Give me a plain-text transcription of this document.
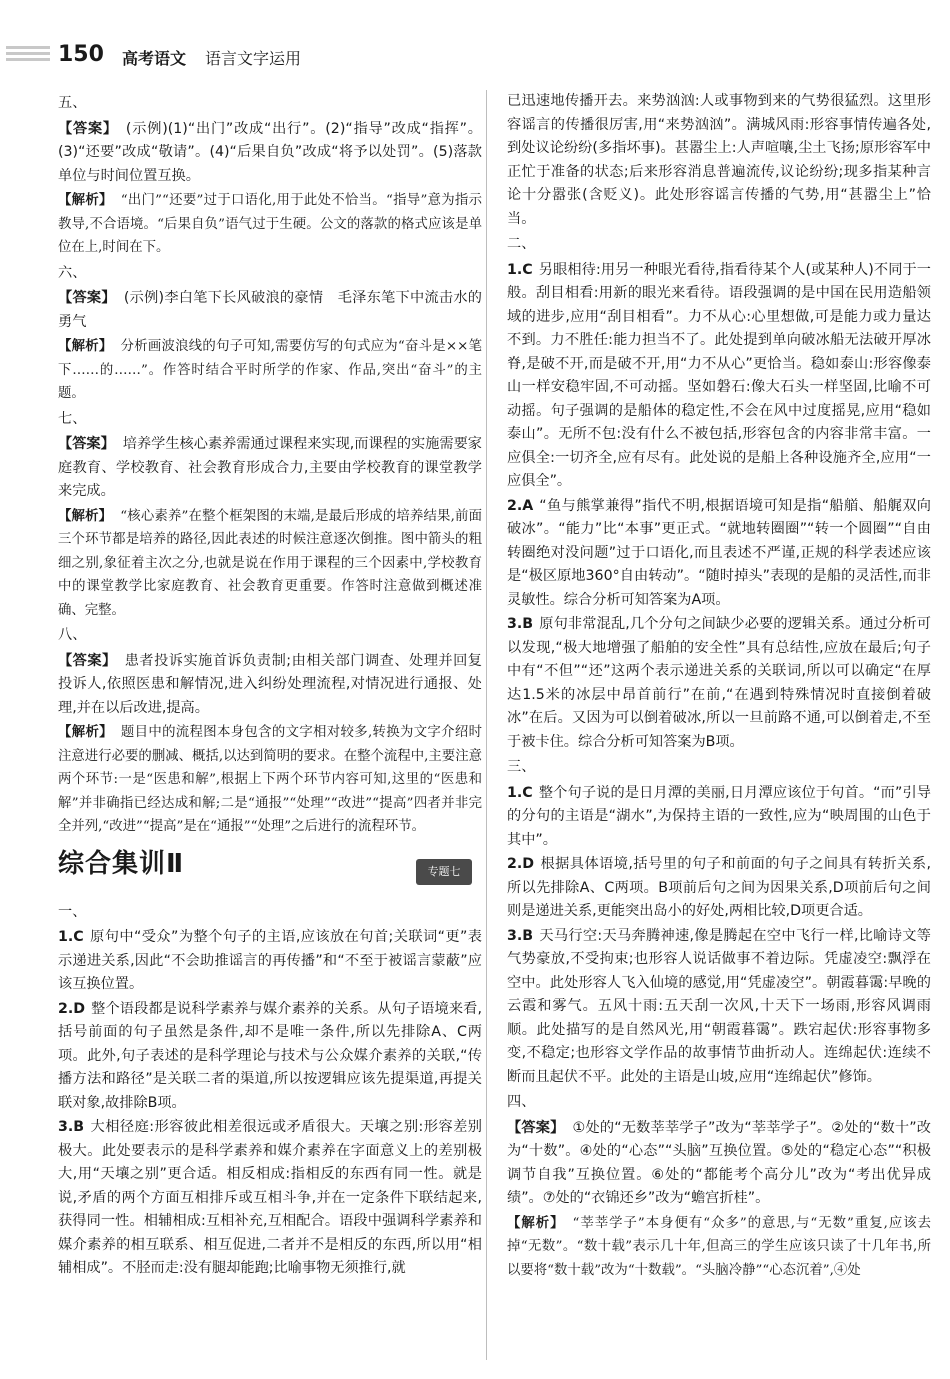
150 高考语文 语言文字运用
五、

【答案】 (示例)(1)“出门”改成“出行”。(2)“指导”改成“指挥”。(3)“还要”改成“敬请”。(4)“后果自负”改成“将予以处罚”。(5)落款单位与时间位置互换。

【解析】 “出门”“还要”过于口语化,用于此处不恰当。“指导”意为指示教导,不合语境。“后果自负”语气过于生硬。公文的落款的格式应该是单位在上,时间在下。

六、

【答案】 (示例)李白笔下长风破浪的豪情　毛泽东笔下中流击水的勇气

【解析】 分析画波浪线的句子可知,需要仿写的句式应为“奋斗是××笔下……的……”。作答时结合平时所学的作家、作品,突出“奋斗”的主题。

七、

【答案】 培养学生核心素养需通过课程来实现,而课程的实施需要家庭教育、学校教育、社会教育形成合力,主要由学校教育的课堂教学来完成。

【解析】 “核心素养”在整个框架图的末端,是最后形成的培养结果,前面三个环节都是培养的路径,因此表述的时候注意逐次倒推。图中箭头的粗细之别,象征着主次之分,也就是说在作用于课程的三个因素中,学校教育中的课堂教学比家庭教育、社会教育更重要。作答时注意做到概述准确、完整。

八、

【答案】 患者投诉实施首诉负责制;由相关部门调查、处理并回复投诉人,依照医患和解情况,进入纠纷处理流程,对情况进行通报、处理,并在以后改进,提高。

【解析】 题目中的流程图本身包含的文字相对较多,转换为文字介绍时注意进行必要的删减、概括,以达到简明的要求。在整个流程中,主要注意两个环节:一是“医患和解”,根据上下两个环节内容可知,这里的“医患和解”并非确指已经达成和解;二是“通报”“处理”“改进”“提高”四者并非完全并列,“改进”“提高”是在“通报”“处理”之后进行的流程环节。

综合集训Ⅱ	专题七
一、

1.C 原句中“受众”为整个句子的主语,应该放在句首;关联词“更”表示递进关系,因此“不会助推谣言的再传播”和“不至于被谣言蒙蔽”应该互换位置。

2.D 整个语段都是说科学素养与媒介素养的关系。从句子语境来看,括号前面的句子虽然是条件,却不是唯一条件,所以先排除A、C两项。此外,句子表述的是科学理论与技术与公众媒介素养的关联,“传播方法和路径”是关联二者的渠道,所以按逻辑应该先提渠道,再提关联对象,故排除B项。

3.B 大相径庭:形容彼此相差很远或矛盾很大。天壤之别:形容差别极大。此处要表示的是科学素养和媒介素养在字面意义上的差别极大,用“天壤之别”更合适。相反相成:指相反的东西有同一性。就是说,矛盾的两个方面互相排斥或互相斗争,并在一定条件下联结起来,获得同一性。相辅相成:互相补充,互相配合。语段中强调科学素养和媒介素养的相互联系、相互促进,二者并不是相反的东西,所以用“相辅相成”。不胫而走:没有腿却能跑;比喻事物无须推行,就

已迅速地传播开去。来势汹汹:人或事物到来的气势很猛烈。这里形容谣言的传播很厉害,用“来势汹汹”。满城风雨:形容事情传遍各处,到处议论纷纷(多指坏事)。甚嚣尘上:人声喧嚷,尘土飞扬;原形容军中正忙于准备的状态;后来形容消息普遍流传,议论纷纷;现多指某种言论十分嚣张(含贬义)。此处形容谣言传播的气势,用“甚嚣尘上”恰当。

二、

1.C 另眼相待:用另一种眼光看待,指看待某个人(或某种人)不同于一般。刮目相看:用新的眼光来看待。语段强调的是中国在民用造船领域的进步,应用“刮目相看”。力不从心:心里想做,可是能力或力量达不到。力不胜任:能力担当不了。此处提到单向破冰船无法破开厚冰脊,是破不开,而是破不开,用“力不从心”更恰当。稳如泰山:形容像泰山一样安稳牢固,不可动摇。坚如磐石:像大石头一样坚固,比喻不可动摇。句子强调的是船体的稳定性,不会在风中过度摇晃,应用“稳如泰山”。无所不包:没有什么不被包括,形容包含的内容非常丰富。一应俱全:一切齐全,应有尽有。此处说的是船上各种设施齐全,应用“一应俱全”。

2.A “鱼与熊掌兼得”指代不明,根据语境可知是指“船艏、船艉双向破冰”。“能力”比“本事”更正式。“就地转圈圈”“转一个圆圈”“自由转圈绝对没问题”过于口语化,而且表述不严谨,正规的科学表述应该是“极区原地360°自由转动”。“随时掉头”表现的是船的灵活性,而非灵敏性。综合分析可知答案为A项。

3.B 原句非常混乱,几个分句之间缺少必要的逻辑关系。通过分析可以发现,“极大地增强了船舶的安全性”具有总结性,应放在最后;句子中有“不但”“还”这两个表示递进关系的关联词,所以可以确定“在厚达1.5米的冰层中昂首前行”在前,“在遇到特殊情况时直接倒着破冰”在后。又因为可以倒着破冰,所以一旦前路不通,可以倒着走,不至于被卡住。综合分析可知答案为B项。

三、

1.C 整个句子说的是日月潭的美丽,日月潭应该位于句首。“而”引导的分句的主语是“湖水”,为保持主语的一致性,应为“映周围的山色于其中”。

2.D 根据具体语境,括号里的句子和前面的句子之间具有转折关系,所以先排除A、C两项。B项前后句之间为因果关系,D项前后句之间则是递进关系,更能突出岛小的好处,两相比较,D项更合适。

3.B 天马行空:天马奔腾神速,像是腾起在空中飞行一样,比喻诗文等气势豪放,不受拘束;也形容人说话做事不着边际。凭虚凌空:飘浮在空中。此处形容人飞入仙境的感觉,用“凭虚凌空”。朝霞暮霭:早晚的云霞和雾气。五风十雨:五天刮一次风,十天下一场雨,形容风调雨顺。此处描写的是自然风光,用“朝霞暮霭”。跌宕起伏:形容事物多变,不稳定;也形容文学作品的故事情节曲折动人。连绵起伏:连续不断而且起伏不平。此处的主语是山坡,应用“连绵起伏”修饰。

四、

【答案】 ①处的“无数莘莘学子”改为“莘莘学子”。②处的“数十”改为“十数”。④处的“心态”“头脑”互换位置。⑤处的“稳定心态”“积极调节自我”互换位置。⑥处的“都能考个高分儿”改为“考出优异成绩”。⑦处的“衣锦还乡”改为“蟾宫折桂”。

【解析】 “莘莘学子”本身便有“众多”的意思,与“无数”重复,应该去掉“无数”。“数十载”表示几十年,但高三的学生应该只读了十几年书,所以要将“数十载”改为“十数载”。“头脑冷静”“心态沉着”,④处
